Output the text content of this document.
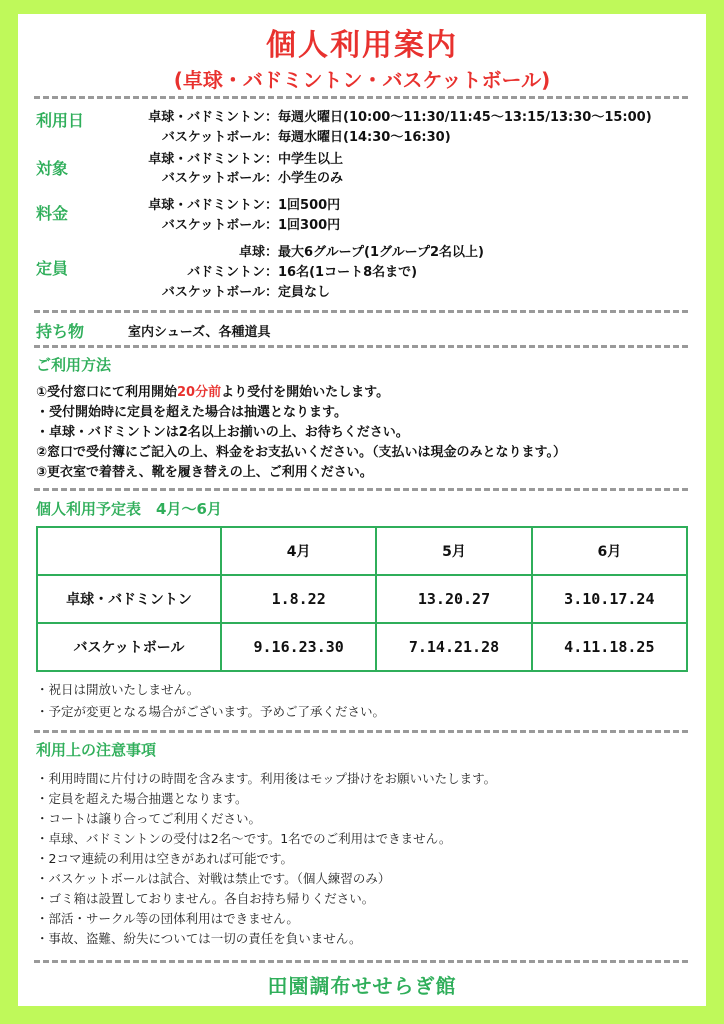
個人利用案内
(卓球・バドミントン・バスケットボール)
利用日	卓球・バドミントン：毎週火曜日(10:00〜11:30/11:45〜13:15/13:30〜15:00)
バスケットボール：毎週水曜日(14:30〜16:30)
対象	卓球・バドミントン：中学生以上
バスケットボール：小学生のみ
料金	卓球・バドミントン：1回500円
バスケットボール：1回300円
定員
卓球：最大6グループ(1グループ2名以上)
バドミントン：16名(1コート8名まで)
バスケットボール：定員なし
持ち物	室内シューズ、各種道具
ご利用方法
①受付窓口にて利用開始20分前より受付を開始いたします。
・受付開始時に定員を超えた場合は抽選となります。
・卓球・バドミントンは2名以上お揃いの上、お待ちください。
②窓口で受付簿にご記入の上、料金をお支払いください。（支払いは現金のみとなります。）
③更衣室で着替え、靴を履き替えの上、ご利用ください。
個人利用予定表　4月〜6月
	4月	5月	6月
卓球・バドミントン	1.8.22	13.20.27	3.10.17.24
バスケットボール	9.16.23.30	7.14.21.28	4.11.18.25
・祝日は開放いたしません。
・予定が変更となる場合がございます。予めご了承ください。
利用上の注意事項
・利用時間に片付けの時間を含みます。利用後はモップ掛けをお願いいたします。
・定員を超えた場合抽選となります。
・コートは譲り合ってご利用ください。
・卓球、バドミントンの受付は2名〜です。1名でのご利用はできません。
・2コマ連続の利用は空きがあれば可能です。
・バスケットボールは試合、対戦は禁止です。（個人練習のみ）
・ゴミ箱は設置しておりません。各自お持ち帰りください。
・部活・サークル等の団体利用はできません。
・事故、盗難、紛失については一切の責任を負いません。
田園調布せせらぎ館
